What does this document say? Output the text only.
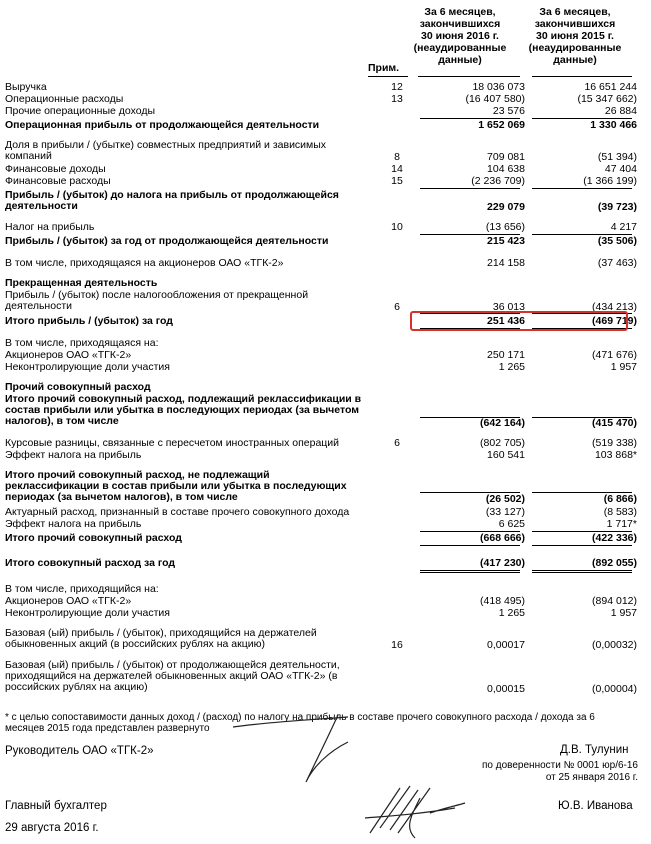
За 6 месяцев,
закончившихся
30 июня 2016 г.
(неаудированные
данные)
За 6 месяцев,
закончившихся
30 июня 2015 г.
(неаудированные
данные)
Прим.
Выручка	12	18 036 073	16 651 244
Операционные расходы	13	(16 407 580)	(15 347 662)
Прочие операционные доходы	23 576	26 884
Операционная прибыль от продолжающейся деятельности	1 652 069	1 330 466
Доля в прибыли / (убытке) совместных предприятий и зависимых компаний	8	709 081	(51 394)
Финансовые доходы	14	104 638	47 404
Финансовые расходы	15	(2 236 709)	(1 366 199)
Прибыль / (убыток) до налога на прибыль от продолжающейся деятельности	229 079	(39 723)
Налог на прибыль	10	(13 656)	4 217
Прибыль / (убыток) за год от продолжающейся деятельности	215 423	(35 506)
В том числе, приходящаяся на акционеров ОАО «ТГК-2»	214 158	(37 463)
Прекращенная деятельность
Прибыль / (убыток) после налогообложения от прекращенной деятельности	6	36 013	(434 213)
Итого прибыль / (убыток) за год	251 436	(469 719)
В том числе, приходящаяся на:
Акционеров ОАО «ТГК-2»	250 171	(471 676)
Неконтролирующие доли участия	1 265	1 957
Прочий совокупный расход
Итого прочий совокупный расход, подлежащий реклассификации в состав прибыли или убытка в последующих периодах (за вычетом налогов), в том числе	(642 164)	(415 470)
Курсовые разницы, связанные с пересчетом иностранных операций	6	(802 705)	(519 338)
Эффект налога на прибыль	160 541	103 868*
Итого прочий совокупный расход, не подлежащий реклассификации в состав прибыли или убытка в последующих периодах (за вычетом налогов), в том числе	(26 502)	(6 866)
Актуарный расход, признанный в составе прочего совокупного дохода	(33 127)	(8 583)
Эффект налога на прибыль	6 625	1 717*
Итого прочий совокупный расход	(668 666)	(422 336)
Итого совокупный расход за год	(417 230)	(892 055)
В том числе, приходящийся на:
Акционеров ОАО «ТГК-2»	(418 495)	(894 012)
Неконтролирующие доли участия	1 265	1 957
Базовая (ый) прибыль / (убыток), приходящийся на держателей обыкновенных акций (в российских рублях на акцию)	16	0,00017	(0,00032)
Базовая (ый) прибыль / (убыток) от продолжающейся деятельности, приходящийся на держателей обыкновенных акций ОАО «ТГК-2» (в российских рублях на акцию)	0,00015	(0,00004)
* с целью сопоставимости данных доход / (расход) по налогу на прибыль в составе прочего совокупного расхода / дохода за 6 месяцев 2015 года представлен развернуто
Руководитель ОАО «ТГК-2»	Д.В. Тулунин
по доверенности № 0001 юр/6-16
от 25 января 2016 г.
Главный бухгалтер	Ю.В. Иванова
29 августа 2016 г.
